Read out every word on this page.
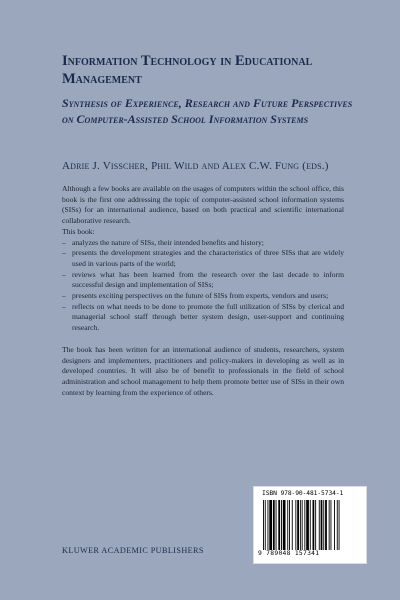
Information Technology in Educational Management
Synthesis of Experience, Research and Future Perspectives on Computer-Assisted School Information Systems
Adrie J. Visscher, Phil Wild and Alex C.W. Fung (eds.)

Although a few books are available on the usages of computers within the school office, this book is the first one addressing the topic of computer-assisted school information systems (SISs) for an international audience, based on both practical and scientific international collaborative research.

This book:

– analyzes the nature of SISs, their intended benefits and history;
– presents the development strategies and the characteristics of three SISs that are widely used in various parts of the world;
– reviews what has been learned from the research over the last decade to inform successful design and implementation of SISs;
– presents exciting perspectives on the future of SISs from experts, vendors and users;
– reflects on what needs to be done to promote the full utilization of SISs by clerical and managerial school staff through better system design, user-support and continuing research.

The book has been written for an international audience of students, researchers, system designers and implementers, practitioners and policy-makers in developing as well as in developed countries. It will also be of benefit to professionals in the field of school administration and school management to help them promote better use of SISs in their own context by learning from the experience of others.

ISBN 978-90-481-5734-1
9 789048 157341
KLUWER ACADEMIC PUBLISHERS
